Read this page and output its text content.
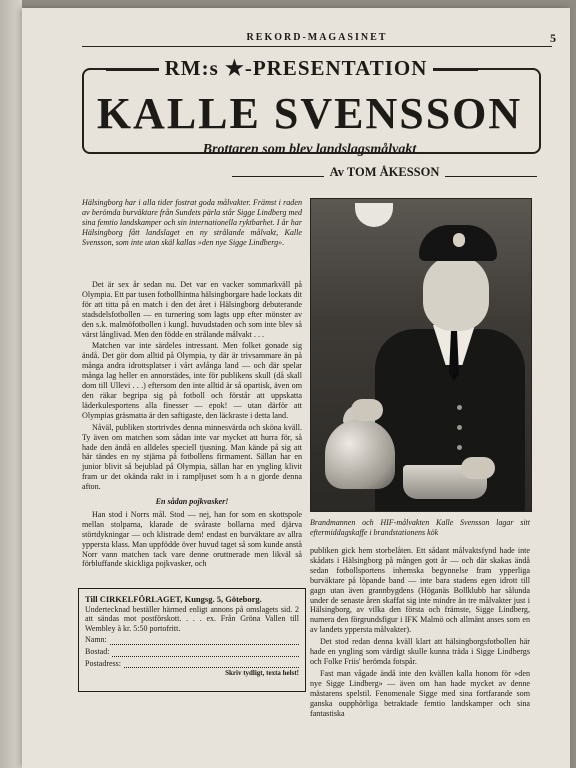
REKORD-MAGASINET	5
RM:s ★-PRESENTATION
KALLE SVENSSON
Brottaren som blev landslagsmålvakt
Av TOM ÅKESSON

Hälsingborg har i alla tider fostrat goda målvakter. Främst i raden av berömda burväktare från Sundets pärla står Sigge Lindberg med sina femtio landskamper och sin internationella ryktbarhet. I år har Hälsingborg fått landslaget en ny strålande målvakt, Kalle Svensson, som inte utan skäl kallas »den nye Sigge Lindberg».

Det är sex år sedan nu. Det var en vacker sommarkväll på Olympia. Ett par tusen fotbollhintna hälsingborgare hade lockats dit för att titta på en match i den det året i Hälsingborg debuterande stadsdelsfotbollen — en turnering som lagts upp efter mönster av den s.k. malmöfotbollen i kungl. huvudstaden och som inte blev så värst långlivad. Men den födde en strålande målvakt . . .

Matchen var inte särdeles intressant. Men folket gonade sig ändå. Det gör dom alltid på Olympia, ty där är trivsammare än på många andra idrottsplatser i vårt avlånga land — och där spelar många lag heller en annorstädes, inte för publikens skull (då skall dom till Ullevi . . .) eftersom den inte alltid är så opartisk, även om den räkar begripa sig på fotboll och förstår att uppskatta läderkulesportens alla finesser — epok! — utan därför att Olympias gräsmatta är den saftigaste, den läckraste i detta land.

Nåväl, publiken stortrivdes denna minnesvärda och sköna kväll. Ty även om matchen som sådan inte var mycket att hurra för, så hade den ändå en alldeles speciell tjusning. Man kände på sig att här tändes en ny stjärna på fotbollens firmament. Sällan har en junior blivit så bejublad på Olympia, sällan har en yngling klivit fram ur det okända rakt in i rampljuset som h a n gjorde denna afton.

En sådan pojkvasker!

Han stod i Norrs mål. Stod — nej, han for som en skottspole mellan stolparna, klarade de svåraste bollarna med djärva störtdykningar — och klistrade dem! endast en burväktare av allra yppersta klass. Man uppfödde över huvud taget så som kunde anstå Norr vann matchen tack vare denne oruttnerade men likväl så förbluffande skickliga pojkvasker, och

Brandmannen och HIF-målvakten Kalle Svensson lagar sitt eftermiddagskaffe i brandstationens kök

publiken gick hem storbelåten. Ett sådant målvaktsfynd hade inte skådats i Hälsingborg på mången gott år — och där skakas ändå sedan fotbollsportens inhemska begynnelse fram ypperliga burväktare på löpande band — inte bara stadens egen idrott till gagn utan även grannbygdens (Höganäs Bollklubb har sålunda under de senaste åren skaffat sig inte mindre än tre målvakter just i Hälsingborg, av vilka den första och främste, Sigge Lindberg, numera den förgrundsfigur i IFK Malmö och allmänt anses som en av landets yppersta målvakter).

Det stod redan denna kväll klart att hälsingborgsfotbollen här hade en yngling som värdigt skulle kunna träda i Sigge Lindbergs och Folke Friis' berömda fotspår.

Fast man vågade ändå inte den kvällen kalla honom för »den nye Sigge Lindberg» — även om han hade mycket av denne mästarens spelstil. Fenomenale Sigge med sina fortfarande som ganska oupphörliga betraktade femtio landskamper och sina fantastiska

Till CIRKELFÖRLAGET, Kungsg. 5, Göteborg.
Undertecknad beställer härmed enligt annons på omslagets sid. 2 att sändas mot postförskott. . . . ex. Från Gröna Vallen till Wembley à kr. 5:50 portofritt.
Namn:
Bostad:
Postadress:
Skriv tydligt, texta helst!
